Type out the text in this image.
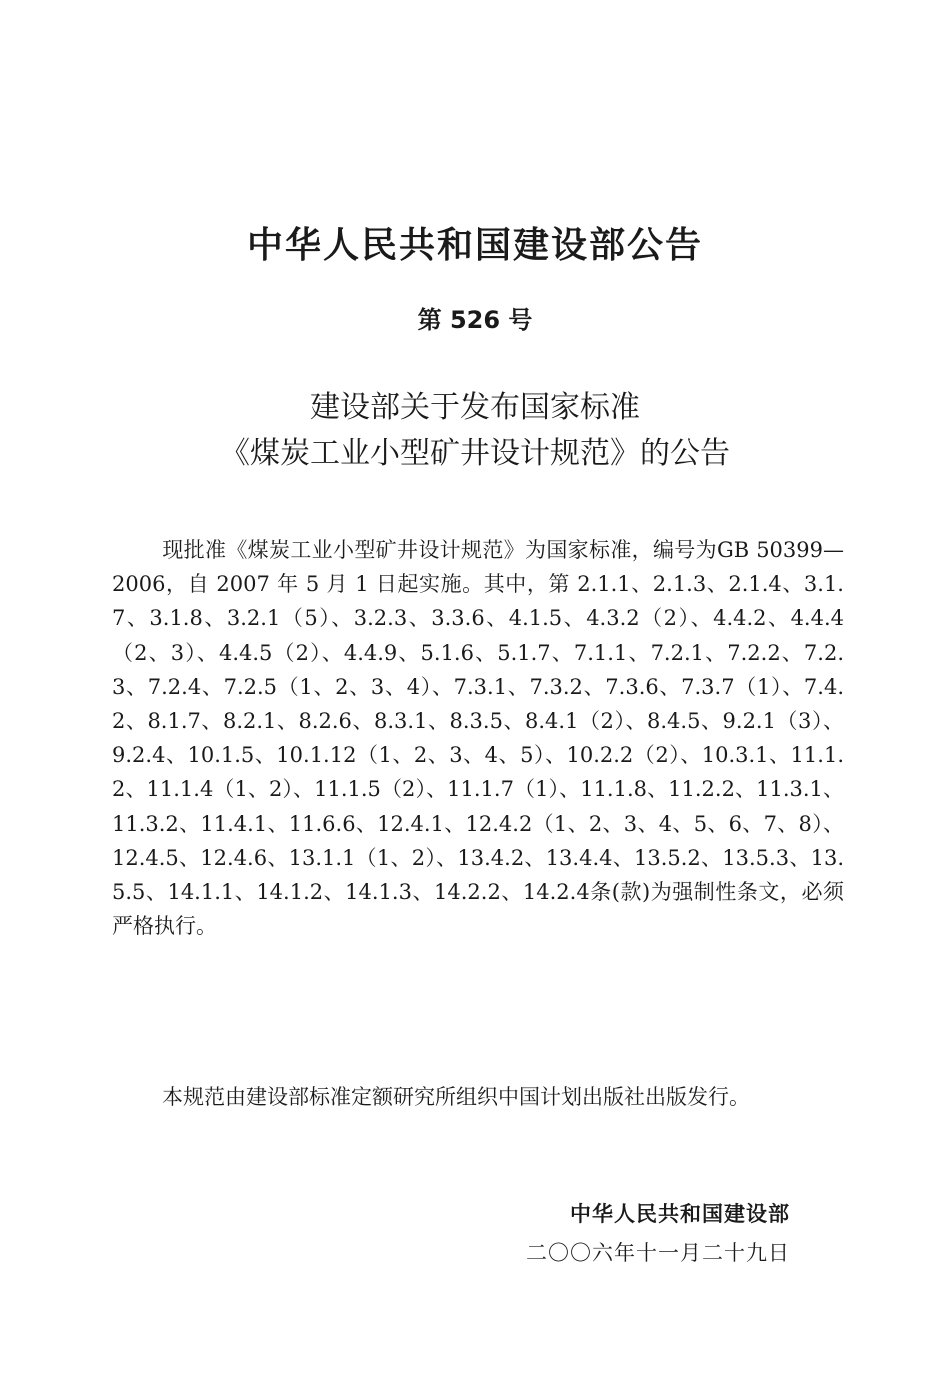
中华人民共和国建设部公告
第 526 号
建设部关于发布国家标准
《煤炭工业小型矿井设计规范》的公告
现批准《煤炭工业小型矿井设计规范》为国家标准，编号为GB 50399—2006，自 2007 年 5 月 1 日起实施。其中，第 2.1.1、2.1.3、2.1.4、3.1.7、3.1.8、3.2.1（5）、3.2.3、3.3.6、4.1.5、4.3.2（2）、4.4.2、4.4.4（2、3）、4.4.5（2）、4.4.9、5.1.6、5.1.7、7.1.1、7.2.1、7.2.2、7.2.3、7.2.4、7.2.5（1、2、3、4）、7.3.1、7.3.2、7.3.6、7.3.7（1）、7.4.2、8.1.7、8.2.1、8.2.6、8.3.1、8.3.5、8.4.1（2）、8.4.5、9.2.1（3）、9.2.4、10.1.5、10.1.12（1、2、3、4、5）、10.2.2（2）、10.3.1、11.1.2、11.1.4（1、2）、11.1.5（2）、11.1.7（1）、11.1.8、11.2.2、11.3.1、11.3.2、11.4.1、11.6.6、12.4.1、12.4.2（1、2、3、4、5、6、7、8）、12.4.5、12.4.6、13.1.1（1、2）、13.4.2、13.4.4、13.5.2、13.5.3、13.5.5、14.1.1、14.1.2、14.1.3、14.2.2、14.2.4条(款)为强制性条文，必须严格执行。
本规范由建设部标准定额研究所组织中国计划出版社出版发行。
中华人民共和国建设部
二〇〇六年十一月二十九日
